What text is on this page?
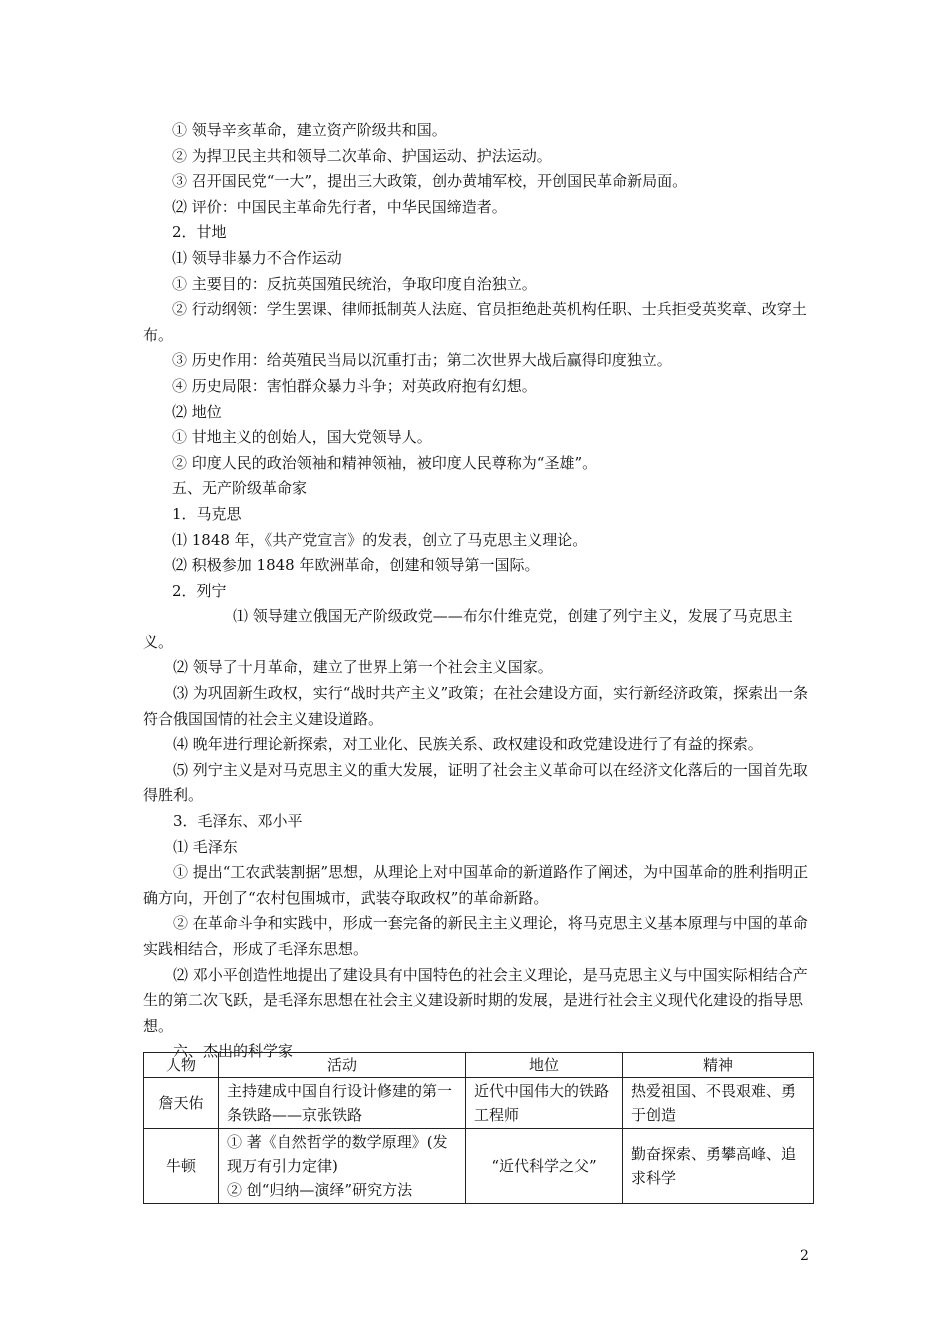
① 领导辛亥革命，建立资产阶级共和国。

② 为捍卫民主共和领导二次革命、护国运动、护法运动。

③ 召开国民党“一大”，提出三大政策，创办黄埔军校，开创国民革命新局面。

⑵ 评价：中国民主革命先行者，中华民国缔造者。

2．甘地

⑴ 领导非暴力不合作运动

① 主要目的：反抗英国殖民统治，争取印度自治独立。

② 行动纲领：学生罢课、律师抵制英人法庭、官员拒绝赴英机构任职、士兵拒受英奖章、改穿土布。

③ 历史作用：给英殖民当局以沉重打击；第二次世界大战后赢得印度独立。

④ 历史局限：害怕群众暴力斗争；对英政府抱有幻想。

⑵ 地位

① 甘地主义的创始人，国大党领导人。

② 印度人民的政治领袖和精神领袖，被印度人民尊称为“圣雄”。

五、无产阶级革命家

1．马克思

⑴ 1848 年，《共产党宣言》的发表，创立了马克思主义理论。

⑵ 积极参加 1848 年欧洲革命，创建和领导第一国际。

2．列宁

⑴ 领导建立俄国无产阶级政党——布尔什维克党，创建了列宁主义，发展了马克思主义。

⑵ 领导了十月革命，建立了世界上第一个社会主义国家。

⑶ 为巩固新生政权，实行“战时共产主义”政策；在社会建设方面，实行新经济政策，探索出一条符合俄国国情的社会主义建设道路。

⑷ 晚年进行理论新探索，对工业化、民族关系、政权建设和政党建设进行了有益的探索。

⑸ 列宁主义是对马克思主义的重大发展，证明了社会主义革命可以在经济文化落后的一国首先取得胜利。

3．毛泽东、邓小平

⑴ 毛泽东

① 提出“工农武装割据”思想，从理论上对中国革命的新道路作了阐述，为中国革命的胜利指明正确方向，开创了“农村包围城市，武装夺取政权”的革命新路。

② 在革命斗争和实践中，形成一套完备的新民主主义理论，将马克思主义基本原理与中国的革命实践相结合，形成了毛泽东思想。

⑵ 邓小平创造性地提出了建设具有中国特色的社会主义理论，是马克思主义与中国实际相结合产生的第二次飞跃，是毛泽东思想在社会主义建设新时期的发展，是进行社会主义现代化建设的指导思想。

六、杰出的科学家

人物	活动	地位	精神
詹天佑	主持建成中国自行设计修建的第一条铁路——京张铁路	近代中国伟大的铁路工程师	热爱祖国、不畏艰难、勇于创造
牛顿	① 著《自然哲学的数学原理》(发现万有引力定律)
② 创“归纳—演绎”研究方法	“近代科学之父”	勤奋探索、勇攀高峰、追求科学
2
